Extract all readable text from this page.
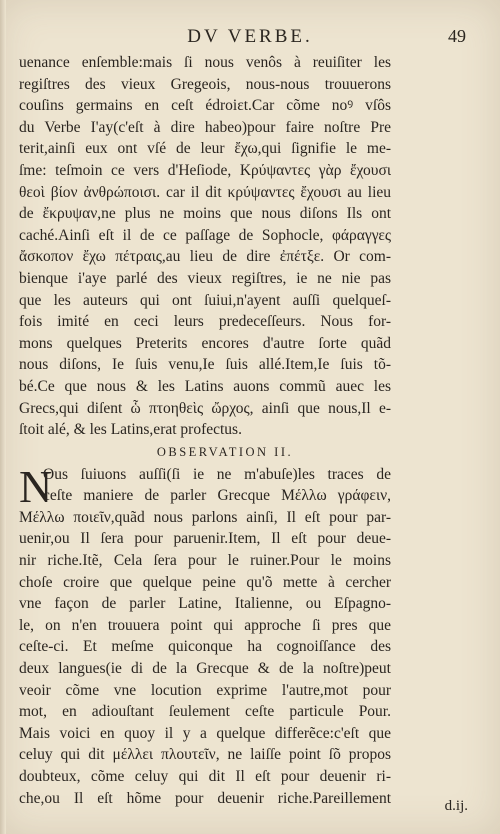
DV VERBE.	49
uenance enſemble:mais ſi nous venôs à reuiſiter les
regiſtres des vieux Gregeois, nous-nous trouuerons
couſins germains en ceſt édroiɛt.Car cõme noꝰ vſôs
du Verbe I'ay(c'eſt à dire habeo)pour faire noſtre Pre
terit,ainſi eux ont vſé de leur ἔχω,qui ſignifie le me-
ſme: teſmoin ce vers d'Heſiode, Κρύψαντες γὰρ ἔχουσι
θεοὶ βίον ἀνθρώποισι. car il dit κρύψαντες ἔχουσι au lieu
de ἔκρυψαν,ne plus ne moins que nous diſons Ils ont
caché.Ainſi eſt il de ce paſſage de Sophocle, φάραγγες
ἄσκοπον ἔχω πέτραις,au lieu de dire ἐπέτξε. Or com-
bienque i'aye parlé des vieux regiſtres, ie ne nie pas
que les auteurs qui ont ſuiui,n'ayent auſſi quelqueſ-
fois imité en ceci leurs predeceſſeurs. Nous for-
mons quelques Preterits encores d'autre ſorte quãd
nous diſons, Ie ſuis venu,Ie ſuis allé.Item,Ie ſuis tõ-
bé.Ce que nous & les Latins auons commũ auec les
Grecs,qui diſent ὧ πτοηθεὶς ὤρχος, ainſi que nous,Il e-
ſtoit alé, & les Latins,erat profectus.
OBSERVATION II.
N
Ous ſuiuons auſſi(ſi ie ne m'abuſe)les traces de
ceſte maniere de parler Grecque Μέλλω γράφειν,
Μέλλω ποιεῖν,quãd nous parlons ainſi, Il eſt pour par-
uenir,ou Il ſera pour paruenir.Item, Il eſt pour deue-
nir riche.Itẽ, Cela ſera pour le ruiner.Pour le moins
choſe croire que quelque peine qu'õ mette à cercher
vne façon de parler Latine, Italienne, ou Eſpagno-
le, on n'en trouuera point qui approche ſi pres que
ceſte-ci. Et meſme quiconque ha cognoiſſance des
deux langues(ie di de la Grecque & de la noſtre)peut
veoir cõme vne locution exprime l'autre,mot pour
mot, en adiouſtant ſeulement ceſte particule Pour.
Mais voici en quoy il y a quelque differẽce:c'eſt que
celuy qui dit μέλλει πλουτεῖν, ne laiſſe point ſõ propos
doubteux, cõme celuy qui dit Il eſt pour deuenir ri-
che,ou Il eſt hõme pour deuenir riche.Pareillement	d.ij.
